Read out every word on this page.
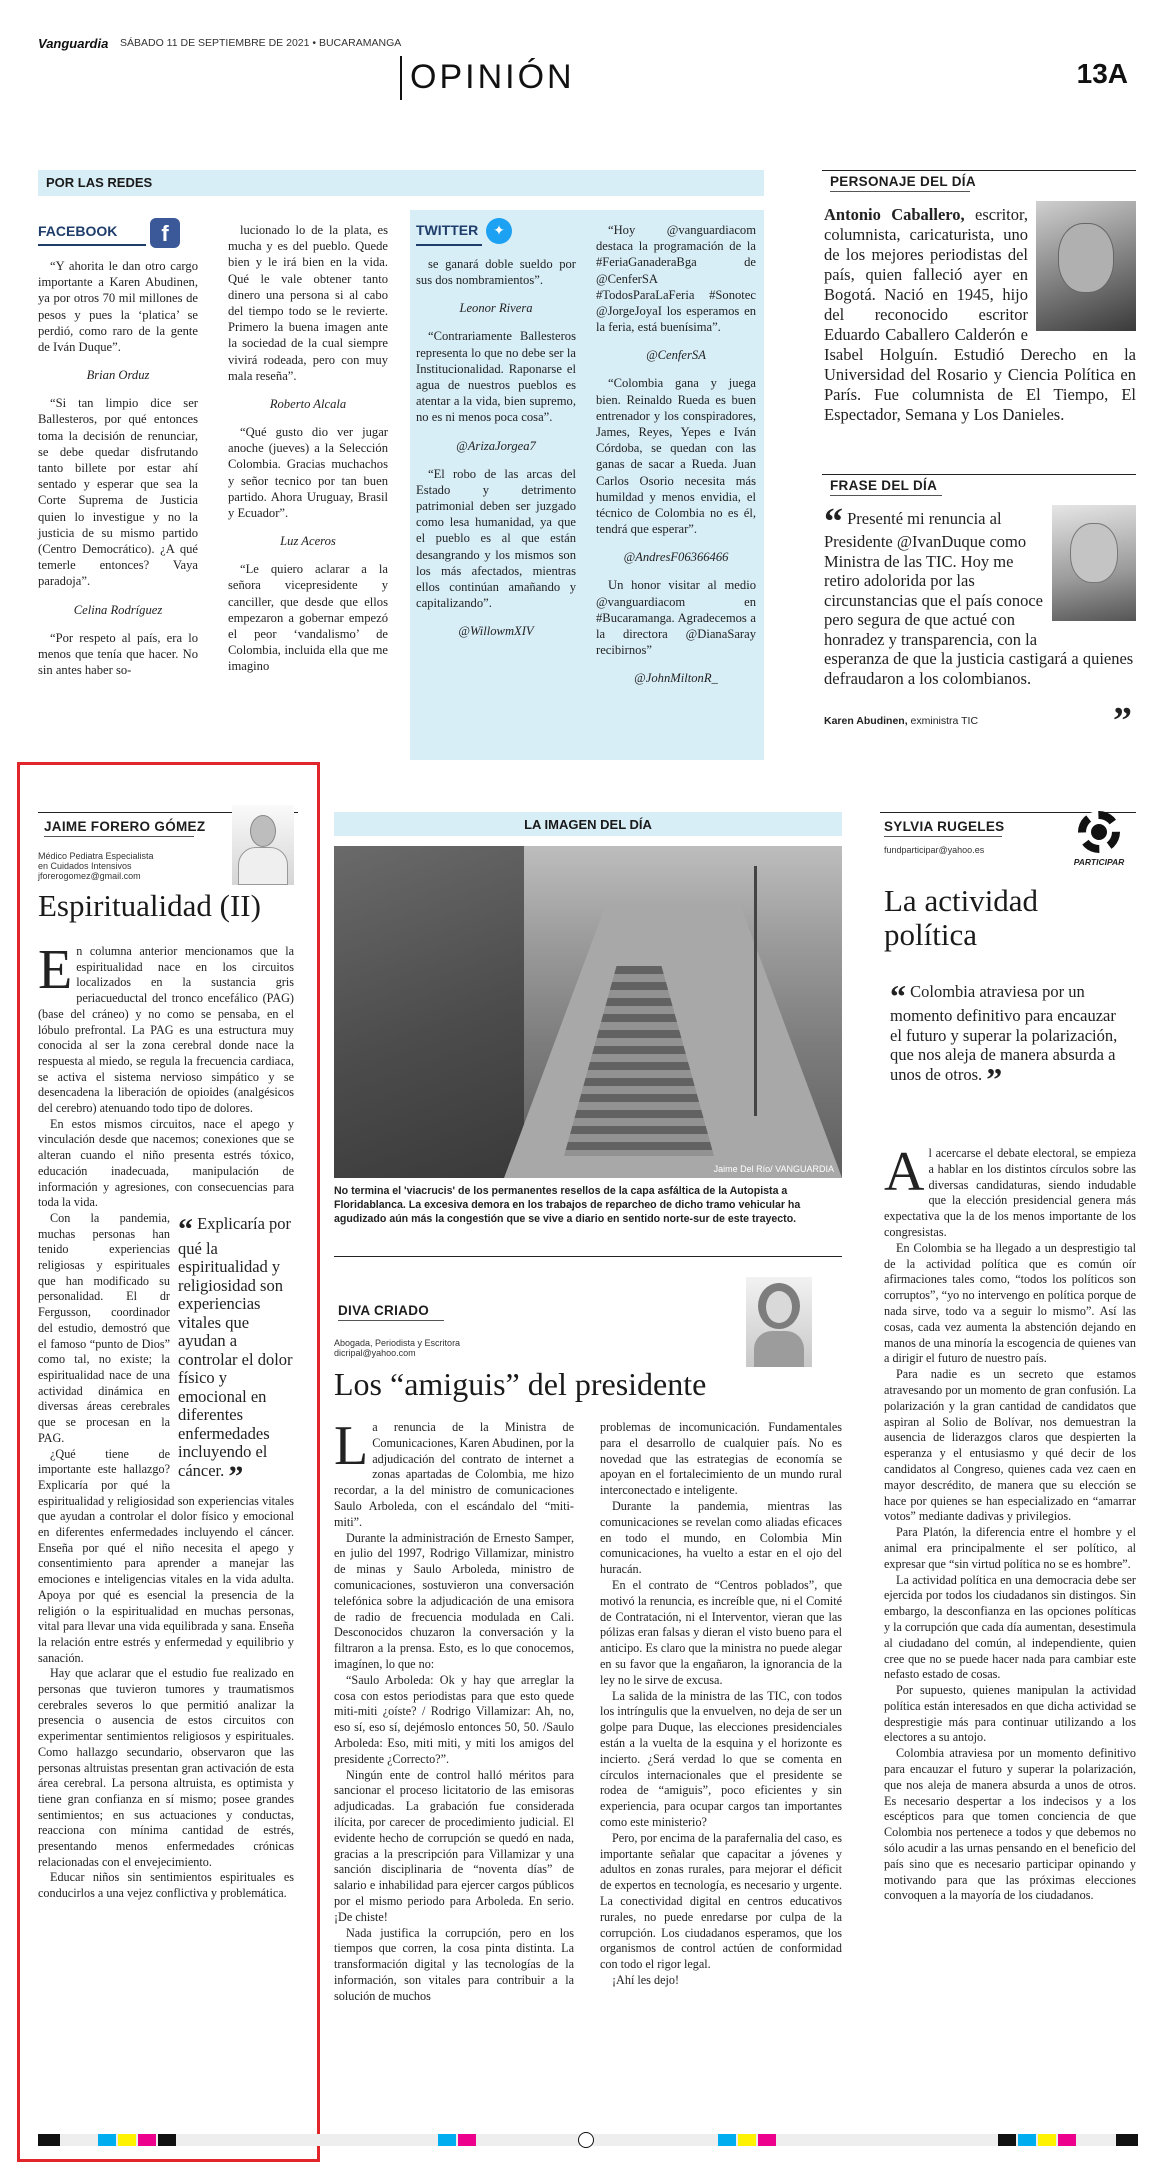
Vanguardia SÁBADO 11 DE SEPTIEMBRE DE 2021 • BUCARAMANGA
OPINIÓN	13A
POR LAS REDES
FACEBOOK	f

“Y ahorita le dan otro cargo importante a Karen Abudinen, ya por otros 70 mil millones de pesos y pues la ‘platica’ se perdió, como raro de la gente de Iván Duque”.

Brian Orduz

“Si tan limpio dice ser Ballesteros, por qué entonces toma la decisión de renunciar, se debe quedar disfrutando tanto billete por estar ahí sentado y esperar que sea la Corte Suprema de Justicia quien lo investigue y no la justicia de su mismo partido (Centro Democrático). ¿A qué temerle entonces? Vaya paradoja”.

Celina Rodríguez

“Por respeto al país, era lo menos que tenía que hacer. No sin antes haber so-

lucionado lo de la plata, es mucha y es del pueblo. Quede bien y le irá bien en la vida. Qué le vale obtener tanto dinero una persona si al cabo del tiempo todo se le revierte. Primero la buena imagen ante la sociedad de la cual siempre vivirá rodeada, pero con muy mala reseña”.

Roberto Alcala

“Qué gusto dio ver jugar anoche (jueves) a la Selección Colombia. Gracias muchachos y señor tecnico por tan buen partido. Ahora Uruguay, Brasil y Ecuador”.

Luz Aceros

“Le quiero aclarar a la señora vicepresidente y canciller, que desde que ellos empezaron a gobernar empezó el peor ‘vandalismo’ de Colombia, incluida ella que me imagino

TWITTER	✦

se ganará doble sueldo por sus dos nombramientos”.

Leonor Rivera

“Contrariamente Ballesteros representa lo que no debe ser la Institucionalidad. Raponarse el agua de nuestros pueblos es atentar a la vida, bien supremo, no es ni menos poca cosa”.

@ArizaJorgea7

“El robo de las arcas del Estado y detrimento patrimonial deben ser juzgado como lesa humanidad, ya que el pueblo es al que están desangrando y los mismos son los más afectados, mientras ellos continúan amañando y capitalizando”.

@WillowmXIV

“Hoy @vanguardiacom destaca la programación de la #FeriaGanaderaBga de @CenferSA #TodosParaLaFeria #Sonotec @JorgeJoyaI los esperamos en la feria, está buenísima”.

@CenferSA

“Colombia gana y juega bien. Reinaldo Rueda es buen entrenador y los conspiradores, James, Reyes, Yepes e Iván Córdoba, se quedan con las ganas de sacar a Rueda. Juan Carlos Osorio necesita más humildad y menos envidia, el técnico de Colombia no es él, tendrá que esperar”.

@AndresF06366466

Un honor visitar al medio @vanguardiacom en #Bucaramanga. Agradecemos a la directora @DianaSaray recibirnos”

@JohnMiltonR_
PERSONAJE DEL DÍA
Antonio Caballero, escritor, columnista, caricaturista, uno de los mejores periodistas del país, quien falleció ayer en Bogotá. Nació en 1945, hijo del reconocido escritor Eduardo Caballero Calderón e Isabel Holguín. Estudió Derecho en la Universidad del Rosario y Ciencia Política en París. Fue columnista de El Tiempo, El Espectador, Semana y Los Danieles.
FRASE DEL DÍA
“ Presenté mi renuncia al Presidente @IvanDuque como Ministra de las TIC. Hoy me retiro adolorida por las circunstancias que el país conoce pero segura de que actué con honradez y transparencia, con la esperanza de que la justicia castigará a quienes defraudaron a los colombianos.
Karen Abudinen, exministra TIC	”
JAIME FORERO GÓMEZ
Médico Pediatra Especialista
en Cuidados Intensivos
jforerogomez@gmail.com
Espiritualidad (II)
E n columna anterior mencionamos que la espiritualidad nace en los circuitos localizados en la sustancia gris periacueductal del tronco encefálico (PAG) (base del cráneo) y no como se pensaba, en el lóbulo prefrontal. La PAG es una estructura muy conocida al ser la zona cerebral donde nace la respuesta al miedo, se regula la frecuencia cardiaca, se activa el sistema nervioso simpático y se desencadena la liberación de opioides (analgésicos del cerebro) atenuando todo tipo de dolores.

En estos mismos circuitos, nace el apego y vinculación desde que nacemos; conexiones que se alteran cuando el niño presenta estrés tóxico, educación inadecuada, manipulación de información y agresiones, con consecuencias para toda la vida.

“ Explicaría por qué la espiritualidad y religiosidad son experiencias vitales que ayudan a controlar el dolor físico y emocional en diferentes enfermedades incluyendo el cáncer. ”

Con la pandemia, muchas personas han tenido experiencias religiosas y espirituales que han modificado su personalidad. El dr Fergusson, coordinador del estudio, demostró que el famoso “punto de Dios” como tal, no existe; la espiritualidad nace de una actividad dinámica en diversas áreas cerebrales que se procesan en la PAG.

¿Qué tiene de importante este hallazgo? Explicaría por qué la espiritualidad y religiosidad son experiencias vitales que ayudan a controlar el dolor físico y emocional en diferentes enfermedades incluyendo el cáncer. Enseña por qué el niño necesita el apego y consentimiento para aprender a manejar las emociones e inteligencias vitales en la vida adulta. Apoya por qué es esencial la presencia de la religión o la espiritualidad en muchas personas, vital para llevar una vida equilibrada y sana. Enseña la relación entre estrés y enfermedad y equilibrio y sanación.

Hay que aclarar que el estudio fue realizado en personas que tuvieron tumores y traumatismos cerebrales severos lo que permitió analizar la presencia o ausencia de estos circuitos con experimentar sentimientos religiosos y espirituales. Como hallazgo secundario, observaron que las personas altruistas presentan gran activación de esta área cerebral. La persona altruista, es optimista y tiene gran confianza en sí mismo; posee grandes sentimientos; en sus actuaciones y conductas, reacciona con mínima cantidad de estrés, presentando menos enfermedades crónicas relacionadas con el envejecimiento.

Educar niños sin sentimientos espirituales es conducirlos a una vejez conflictiva y problemática.

$_{LA IMAGEN DEL DÍA}$
Jaime Del Río/ VANGUARDIA
No termina el 'viacrucis' de los permanentes resellos de la capa asfáltica de la Autopista a Floridablanca. La excesiva demora en los trabajos de reparcheo de dicho tramo vehicular ha agudizado aún más la congestión que se vive a diario en sentido norte-sur de este trayecto.
DIVA CRIADO
Abogada, Periodista y Escritora
dicripal@yahoo.com
Los “amiguis” del presidente
L a renuncia de la Ministra de Comunicaciones, Karen Abudinen, por la adjudicación del contrato de internet a zonas apartadas de Colombia, me hizo recordar, a la del ministro de comunicaciones Saulo Arboleda, con el escándalo del “miti-miti”.

Durante la administración de Ernesto Samper, en julio del 1997, Rodrigo Villamizar, ministro de minas y Saulo Arboleda, ministro de comunicaciones, sostuvieron una conversación telefónica sobre la adjudicación de una emisora de radio de frecuencia modulada en Cali. Desconocidos chuzaron la conversación y la filtraron a la prensa. Esto, es lo que conocemos, imagínen, lo que no:

“Saulo Arboleda: Ok y hay que arreglar la cosa con estos periodistas para que esto quede miti-miti ¿oíste? / Rodrigo Villamizar: Ah, no, eso sí, eso sí, dejémoslo entonces 50, 50. /Saulo Arboleda: Eso, miti miti, y miti los amigos del presidente ¿Correcto?”.

Ningún ente de control halló méritos para sancionar el proceso licitatorio de las emisoras adjudicadas. La grabación fue considerada ilícita, por carecer de procedimiento judicial. El evidente hecho de corrupción se quedó en nada, gracias a la prescripción para Villamizar y una sanción disciplinaria de “noventa días” de salario e inhabilidad para ejercer cargos públicos por el mismo periodo para Arboleda. En serio. ¡De chiste!

Nada justifica la corrupción, pero en los tiempos que corren, la cosa pinta distinta. La transformación digital y las tecnologías de la información, son vitales para contribuir a la solución de muchos

problemas de incomunicación. Fundamentales para el desarrollo de cualquier país. No es novedad que las estrategias de economía se apoyan en el fortalecimiento de un mundo rural interconectado e inteligente.

Durante la pandemia, mientras las comunicaciones se revelan como aliadas eficaces en todo el mundo, en Colombia Min comunicaciones, ha vuelto a estar en el ojo del huracán.

En el contrato de “Centros poblados”, que motivó la renuncia, es increíble que, ni el Comité de Contratación, ni el Interventor, vieran que las pólizas eran falsas y dieran el visto bueno para el anticipo. Es claro que la ministra no puede alegar en su favor que la engañaron, la ignorancia de la ley no le sirve de excusa.

La salida de la ministra de las TIC, con todos los intríngulis que la envuelven, no deja de ser un golpe para Duque, las elecciones presidenciales están a la vuelta de la esquina y el horizonte es incierto. ¿Será verdad lo que se comenta en círculos internacionales que el presidente se rodea de “amiguis”, poco eficientes y sin experiencia, para ocupar cargos tan importantes como este ministerio?

Pero, por encima de la parafernalia del caso, es importante señalar que capacitar a jóvenes y adultos en zonas rurales, para mejorar el déficit de expertos en tecnología, es necesario y urgente. La conectividad digital en centros educativos rurales, no puede enredarse por culpa de la corrupción. Los ciudadanos esperamos, que los organismos de control actúen de conformidad con todo el rigor legal.

¡Ahí les dejo!

SYLVIA RUGELES
fundparticipar@yahoo.es
PARTICIPAR
La actividad política
“ Colombia atraviesa por un momento definitivo para encauzar el futuro y superar la polarización, que nos aleja de manera absurda a unos de otros. ”
A l acercarse el debate electoral, se empieza a hablar en los distintos círculos sobre las diversas candidaturas, siendo indudable que la elección presidencial genera más expectativa que la de los menos importante de los congresistas.

En Colombia se ha llegado a un desprestigio tal de la actividad política que es común oír afirmaciones tales como, “todos los políticos son corruptos”, “yo no intervengo en política porque de nada sirve, todo va a seguir lo mismo”. Así las cosas, cada vez aumenta la abstención dejando en manos de una minoría la escogencia de quienes van a dirigir el futuro de nuestro país.

Para nadie es un secreto que estamos atravesando por un momento de gran confusión. La polarización y la gran cantidad de candidatos que aspiran al Solio de Bolívar, nos demuestran la ausencia de liderazgos claros que despierten la esperanza y el entusiasmo y qué decir de los candidatos al Congreso, quienes cada vez caen en mayor descrédito, de manera que su elección se hace por quienes se han especializado en “amarrar votos” mediante dadivas y privilegios.

Para Platón, la diferencia entre el hombre y el animal era principalmente el ser político, al expresar que “sin virtud política no se es hombre”.

La actividad política en una democracia debe ser ejercida por todos los ciudadanos sin distingos. Sin embargo, la desconfianza en las opciones políticas y la corrupción que cada día aumentan, desestimula al ciudadano del común, al independiente, quien cree que no se puede hacer nada para cambiar este nefasto estado de cosas.

Por supuesto, quienes manipulan la actividad política están interesados en que dicha actividad se desprestigie más para continuar utilizando a los electores a su antojo.

Colombia atraviesa por un momento definitivo para encauzar el futuro y superar la polarización, que nos aleja de manera absurda a unos de otros. Es necesario despertar a los indecisos y a los escépticos para que tomen conciencia de que Colombia nos pertenece a todos y que debemos no sólo acudir a las urnas pensando en el beneficio del país sino que es necesario participar opinando y motivando para que las próximas elecciones convoquen a la mayoría de los ciudadanos.
